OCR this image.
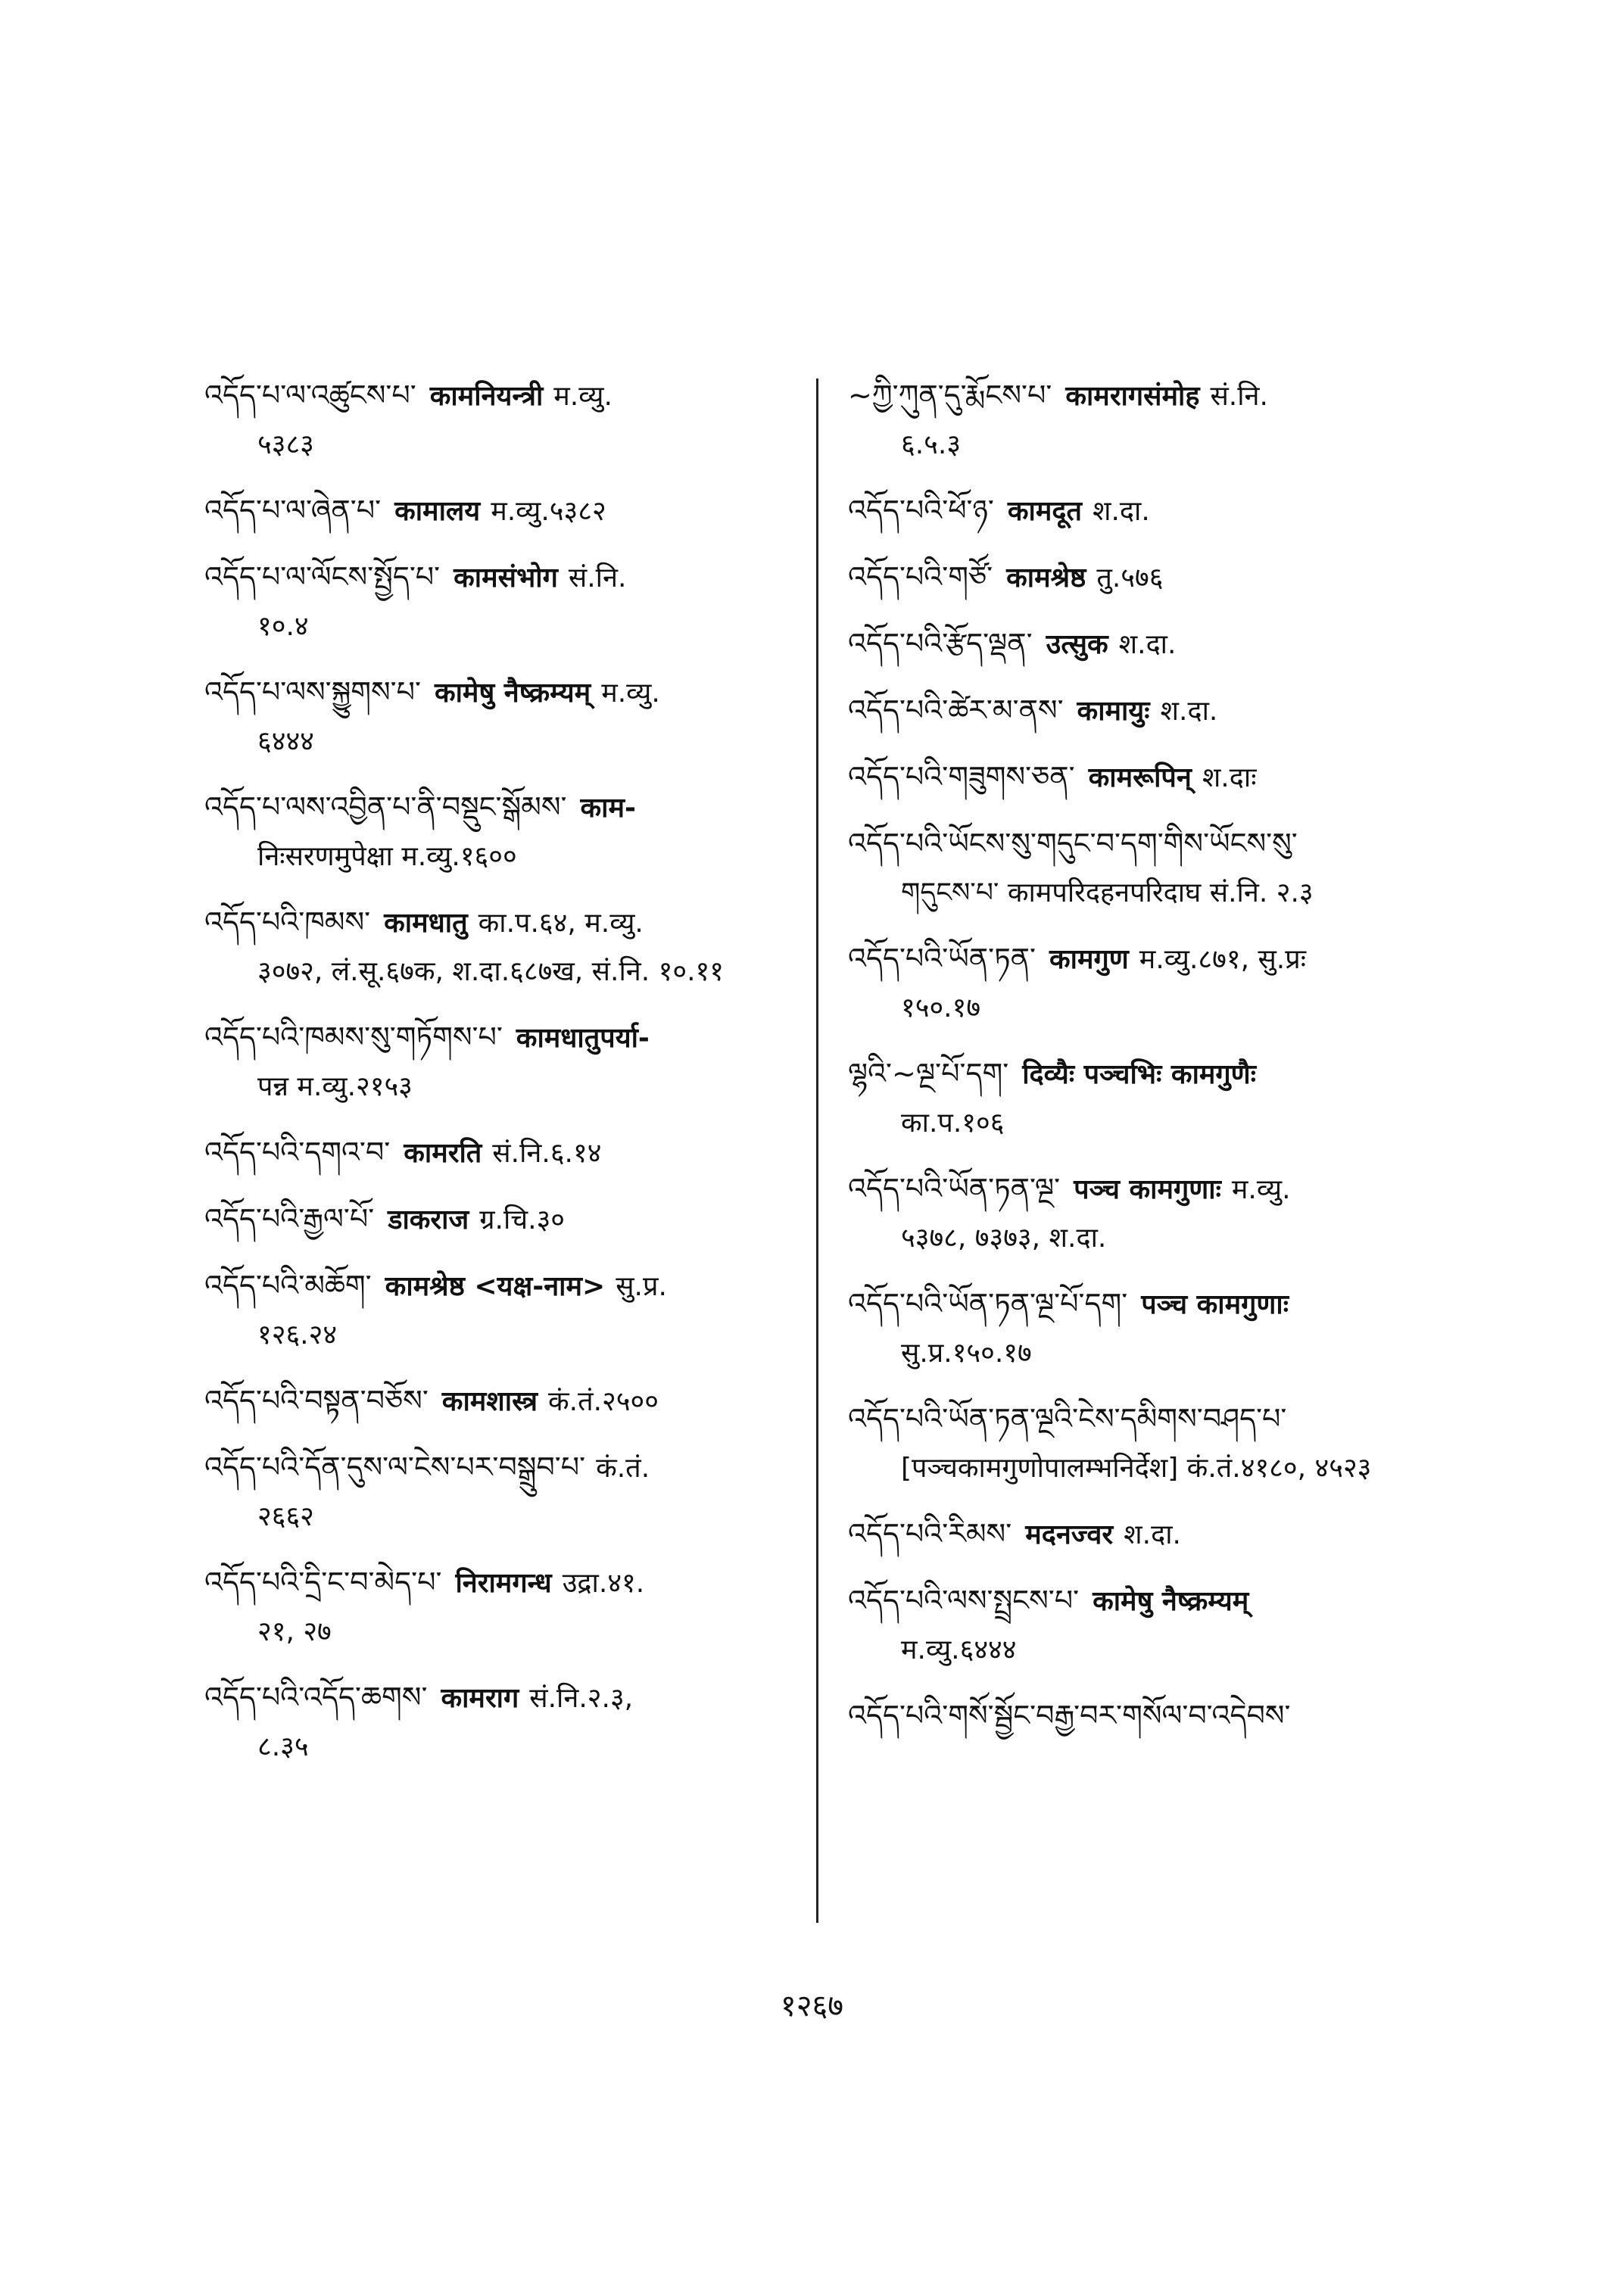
འདོད་པ་ལ་འཚུངས་པ་ कामनियन्त्री म.व्यु.
५३८३
འདོད་པ་ལ་ཞེན་པ་ कामालय म.व्यु.५३८२
འདོད་པ་ལ་ལོངས་སྤྱོད་པ་ कामसंभोग सं.नि.
१०.४
འདོད་པ་ལས་སྐྱུགས་པ་ कामेषु नैष्क्रम्यम् म.व्यु.
६४४४
འདོད་པ་ལས་འབྱིན་པ་ནི་བསྡུང་སྒོམས་ काम-
निःसरणमुपेक्षा म.व्यु.१६००
འདོད་པའི་ཁམས་ कामधातु का.प.६४, म.व्यु.
३०७२, लं.सू.६७क, श.दा.६८७ख, सं.नि. १०.११
འདོད་པའི་ཁམས་སུ་གཏོགས་པ་ कामधातुपर्या-
पन्न म.व्यु.२१५३
འདོད་པའི་དགའ་བ་ कामरति सं.नि.६.१४
འདོད་པའི་རྒྱལ་པོ་ डाकराज ग्र.चि.३०
འདོད་པའི་མཆོག་ कामश्रेष्ठ <यक्ष-नाम> सु.प्र.
१२६.२४
འདོད་པའི་བསྟན་བཅོས་ कामशास्त्र कं.तं.२५००
འདོད་པའི་དོན་དུས་ལ་ངེས་པར་བསྒྲུབ་པ་ कं.तं.
२६६२
འདོད་པའི་དྲི་ང་བ་མེད་པ་ निरामगन्ध उद्रा.४१.
२१, २७
འདོད་པའི་འདོད་ཆགས་ कामराग सं.नि.२.३,
८.३५
~ཀྱི་ཀུན་དུ་རྨོངས་པ་ कामरागसंमोह सं.नि.
६.५.३
འདོད་པའི་ཕོ་ཉ་ कामदूत श.दा.
འདོད་པའི་གཙོ་ कामश्रेष्ठ तु.५७६
འདོད་པའི་རྩོད་ལྡན་ उत्सुक श.दा.
འདོད་པའི་ཚེར་མ་ནས་ कामायुः श.दा.
འདོད་པའི་གཟུགས་ཅན་ कामरूपिन् श.दाः
འདོད་པའི་ཡོངས་སུ་གདུང་བ་དག་གིས་ཡོངས་སུ་
གདུངས་པ་ कामपरिदहनपरिदाघ सं.नि. २.३
འདོད་པའི་ཡོན་ཏན་ कामगुण म.व्यु.८७१, सु.प्रः
१५०.१७
ལྷའི་~ལྔ་པོ་དག་ दिव्यैः पञ्चभिः कामगुणैः
का.प.१०६
འདོད་པའི་ཡོན་ཏན་ལྔ་ पञ्च कामगुणाः म.व्यु.
५३७८, ७३७३, श.दा.
འདོད་པའི་ཡོན་ཏན་ལྔ་པོ་དག་ पञ्च कामगुणाः
सु.प्र.१५०.१७
འདོད་པའི་ཡོན་ཏན་ལྔའི་ངེས་དམིགས་བཤད་པ་
[पञ्चकामगुणोपालम्भनिर्देश] कं.तं.४१८०, ४५२३
འདོད་པའི་རིམས་ मदनज्वर श.दा.
འདོད་པའི་ལས་སྤྲངས་པ་ कामेषु नैष्क्रम्यम्
म.व्यु.६४४४
འདོད་པའི་གསོ་སྦྱོང་བརྒྱ་བར་གསོལ་བ་འདེབས་
१२६७
